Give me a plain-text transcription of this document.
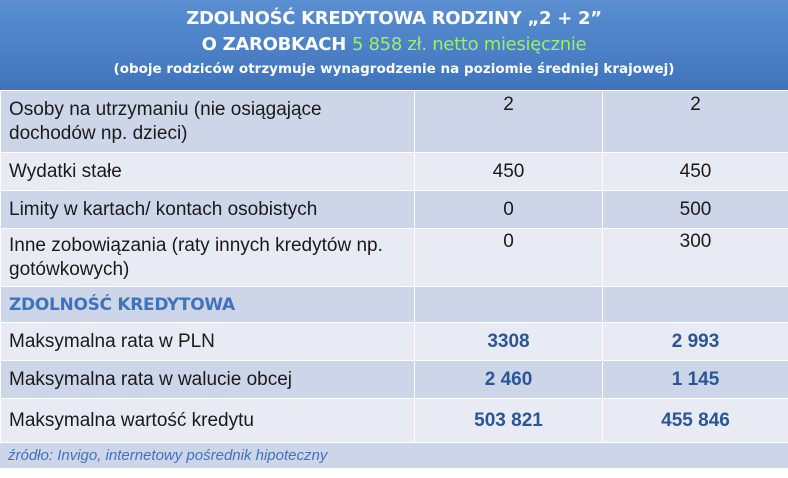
ZDOLNOŚĆ KREDYTOWA RODZINY „2 + 2”
O ZAROBKACH 5 858 zł. netto miesięcznie
(oboje rodziców otrzymuje wynagrodzenie na poziomie średniej krajowej)
Osoby na utrzymaniu (nie osiągające dochodów np. dzieci)	2	2
Wydatki stałe	450	450
Limity w kartach/ kontach osobistych	0	500
Inne zobowiązania (raty innych kredytów np. gotówkowych)	0	300
ZDOLNOŚĆ KREDYTOWA		
Maksymalna rata w PLN	3308	2 993
Maksymalna rata w walucie obcej	2 460	1 145
Maksymalna wartość kredytu	503 821	455 846
źródło: Invigo, internetowy pośrednik hipoteczny
